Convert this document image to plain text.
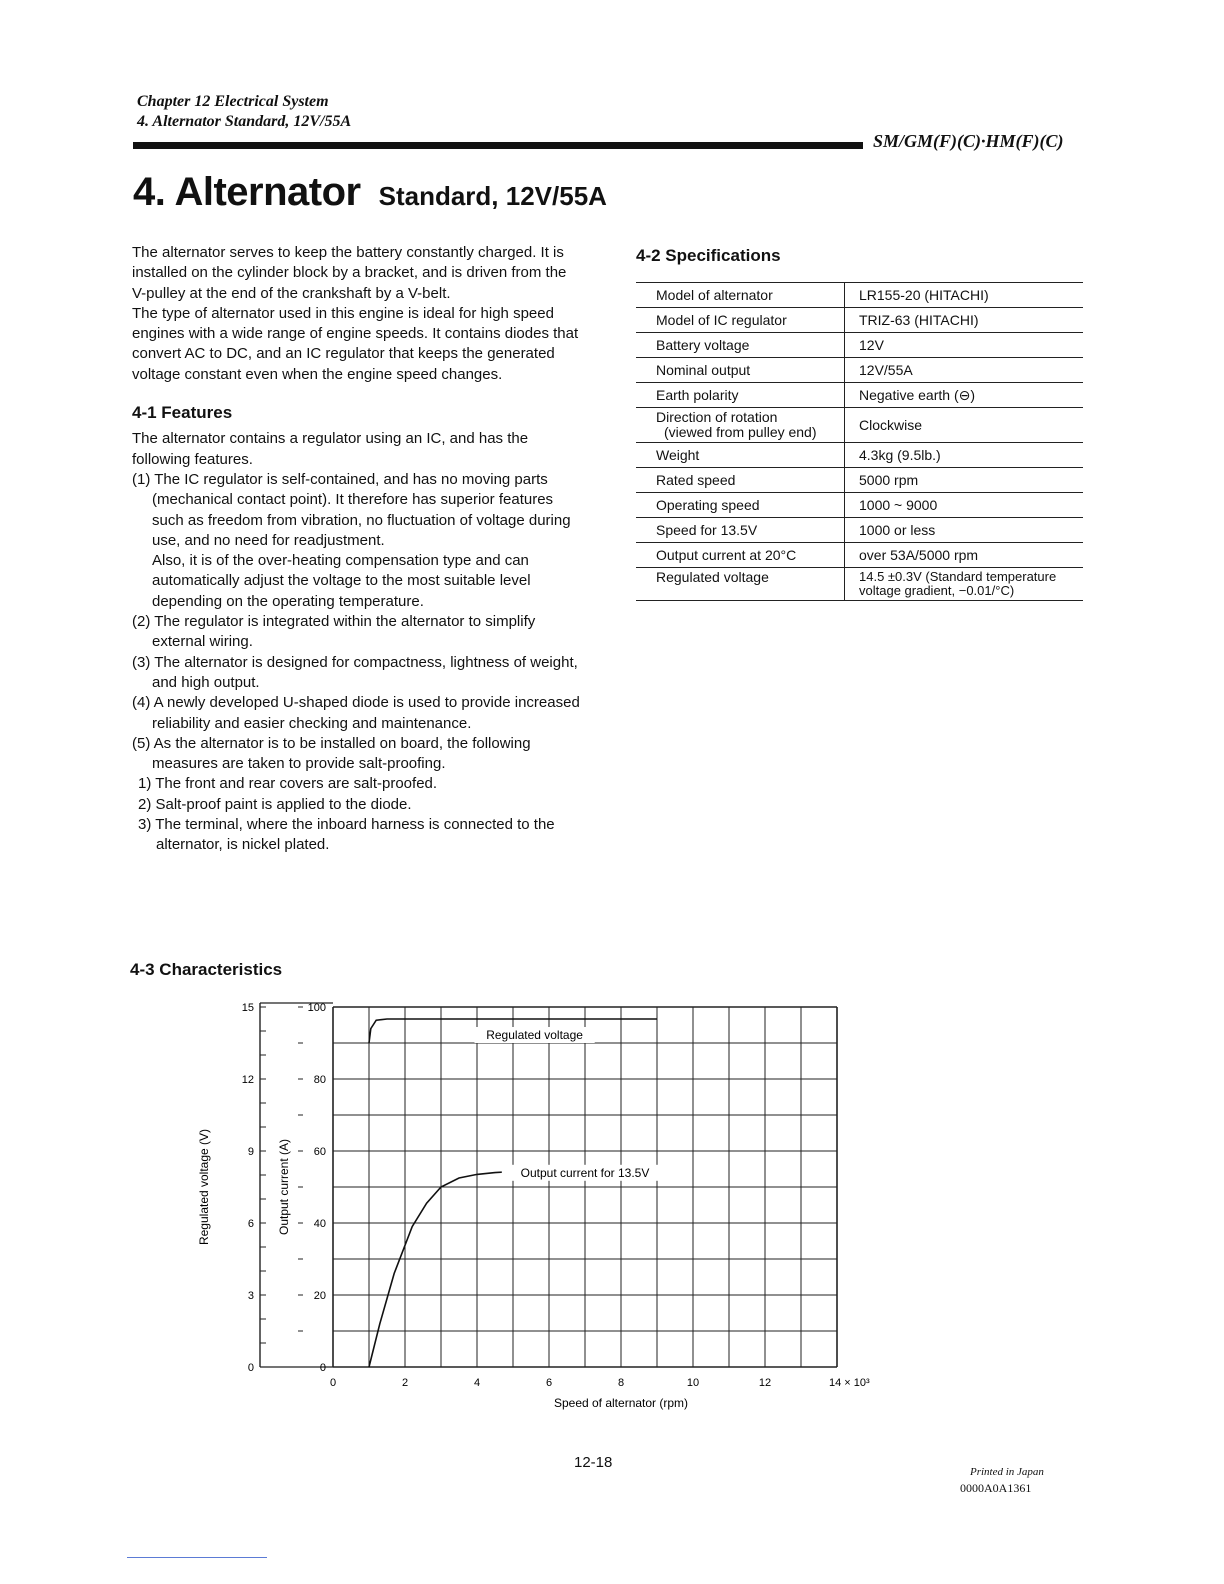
Chapter 12 Electrical System
4. Alternator Standard, 12V/55A
SM/GM(F)(C)·HM(F)(C)
4. Alternator Standard, 12V/55A

The alternator serves to keep the battery constantly charged. It is installed on the cylinder block by a bracket, and is driven from the V-pulley at the end of the crankshaft by a V-belt.

The type of alternator used in this engine is ideal for high speed engines with a wide range of engine speeds. It contains diodes that convert AC to DC, and an IC regulator that keeps the generated voltage constant even when the engine speed changes.

4-1 Features

The alternator contains a regulator using an IC, and has the following features.

(1) The IC regulator is self-contained, and has no moving parts (mechanical contact point). It therefore has superior features such as freedom from vibration, no fluctuation of voltage during use, and no need for readjustment.

Also, it is of the over-heating compensation type and can automatically adjust the voltage to the most suitable level depending on the operating temperature.

(2) The regulator is integrated within the alternator to simplify external wiring.

(3) The alternator is designed for compactness, lightness of weight, and high output.

(4) A newly developed U-shaped diode is used to provide increased reliability and easier checking and maintenance.

(5) As the alternator is to be installed on board, the following measures are taken to provide salt-proofing.

1) The front and rear covers are salt-proofed.

2) Salt-proof paint is applied to the diode.

3) The terminal, where the inboard harness is connected to the alternator, is nickel plated.

4-2 Specifications
Model of alternator	LR155-20 (HITACHI)
Model of IC regulator	TRIZ-63 (HITACHI)
Battery voltage	12V
Nominal output	12V/55A
Earth polarity	Negative earth (⊖)
Direction of rotation

(viewed from pulley end)	Clockwise
Weight	4.3kg (9.5lb.)
Rated speed	5000 rpm
Operating speed	1000 ~ 9000
Speed for 13.5V	1000 or less
Output current at 20°C	over 53A/5000 rpm
Regulated voltage	14.5 ±0.3V (Standard temperature
voltage gradient, −0.01/°C)
4-3 Characteristics
0
3
6
9
12
15
Regulated voltage (V)
0
20
40
60
80
100
Output current (A)
0	2	4	6	8	10	12	14 × 10³
Speed of alternator (rpm)
Regulated voltage
Output current for 13.5V
12-18
Printed in Japan
0000A0A1361
